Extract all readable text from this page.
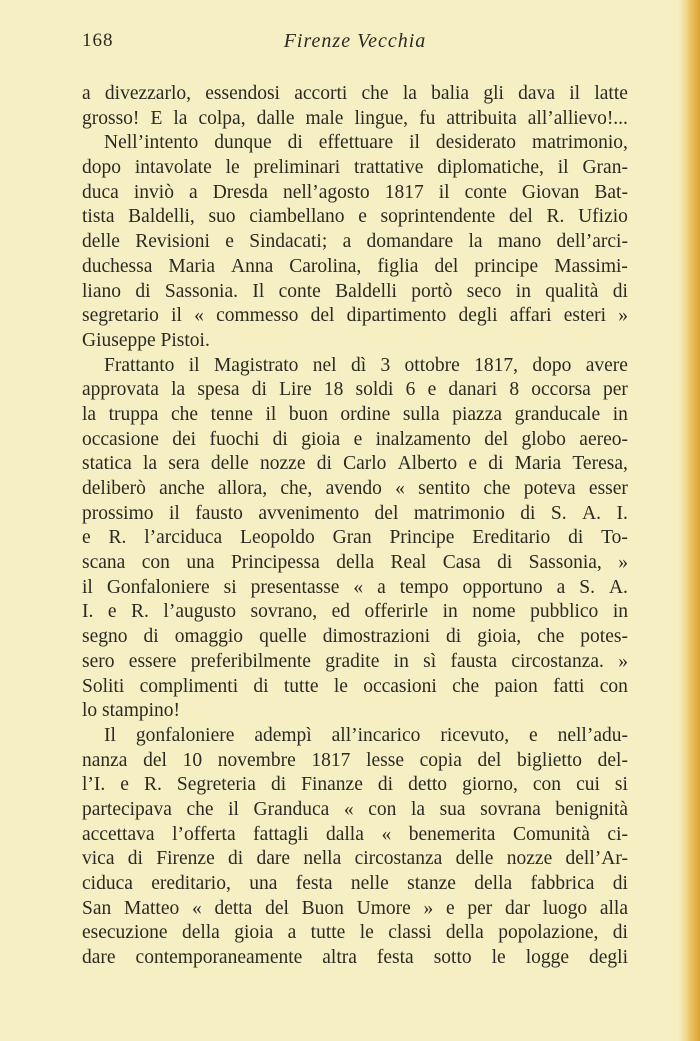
168	Firenze Vecchia
a divezzarlo, essendosi accorti che la balia gli dava il latte
grosso! E la colpa, dalle male lingue, fu attribuita all’allievo!...
Nell’intento dunque di effettuare il desiderato matrimonio,
dopo intavolate le preliminari trattative diplomatiche, il Gran-
duca inviò a Dresda nell’agosto 1817 il conte Giovan Bat-
tista Baldelli, suo ciambellano e soprintendente del R. Ufizio
delle Revisioni e Sindacati; a domandare la mano dell’arci-
duchessa Maria Anna Carolina, figlia del principe Massimi-
liano di Sassonia. Il conte Baldelli portò seco in qualità di
segretario il « commesso del dipartimento degli affari esteri »
Giuseppe Pistoi.
Frattanto il Magistrato nel dì 3 ottobre 1817, dopo avere
approvata la spesa di Lire 18 soldi 6 e danari 8 occorsa per
la truppa che tenne il buon ordine sulla piazza granducale in
occasione dei fuochi di gioia e inalzamento del globo aereo-
statica la sera delle nozze di Carlo Alberto e di Maria Teresa,
deliberò anche allora, che, avendo « sentito che poteva esser
prossimo il fausto avvenimento del matrimonio di S. A. I.
e R. l’arciduca Leopoldo Gran Principe Ereditario di To-
scana con una Principessa della Real Casa di Sassonia, »
il Gonfaloniere si presentasse « a tempo opportuno a S. A.
I. e R. l’augusto sovrano, ed offerirle in nome pubblico in
segno di omaggio quelle dimostrazioni di gioia, che potes-
sero essere preferibilmente gradite in sì fausta circostanza. »
Soliti complimenti di tutte le occasioni che paion fatti con
lo stampino!
Il gonfaloniere adempì all’incarico ricevuto, e nell’adu-
nanza del 10 novembre 1817 lesse copia del biglietto del-
l’I. e R. Segreteria di Finanze di detto giorno, con cui si
partecipava che il Granduca « con la sua sovrana benignità
accettava l’offerta fattagli dalla « benemerita Comunità ci-
vica di Firenze di dare nella circostanza delle nozze dell’Ar-
ciduca ereditario, una festa nelle stanze della fabbrica di
San Matteo « detta del Buon Umore » e per dar luogo alla
esecuzione della gioia a tutte le classi della popolazione, di
dare contemporaneamente altra festa sotto le logge degli
